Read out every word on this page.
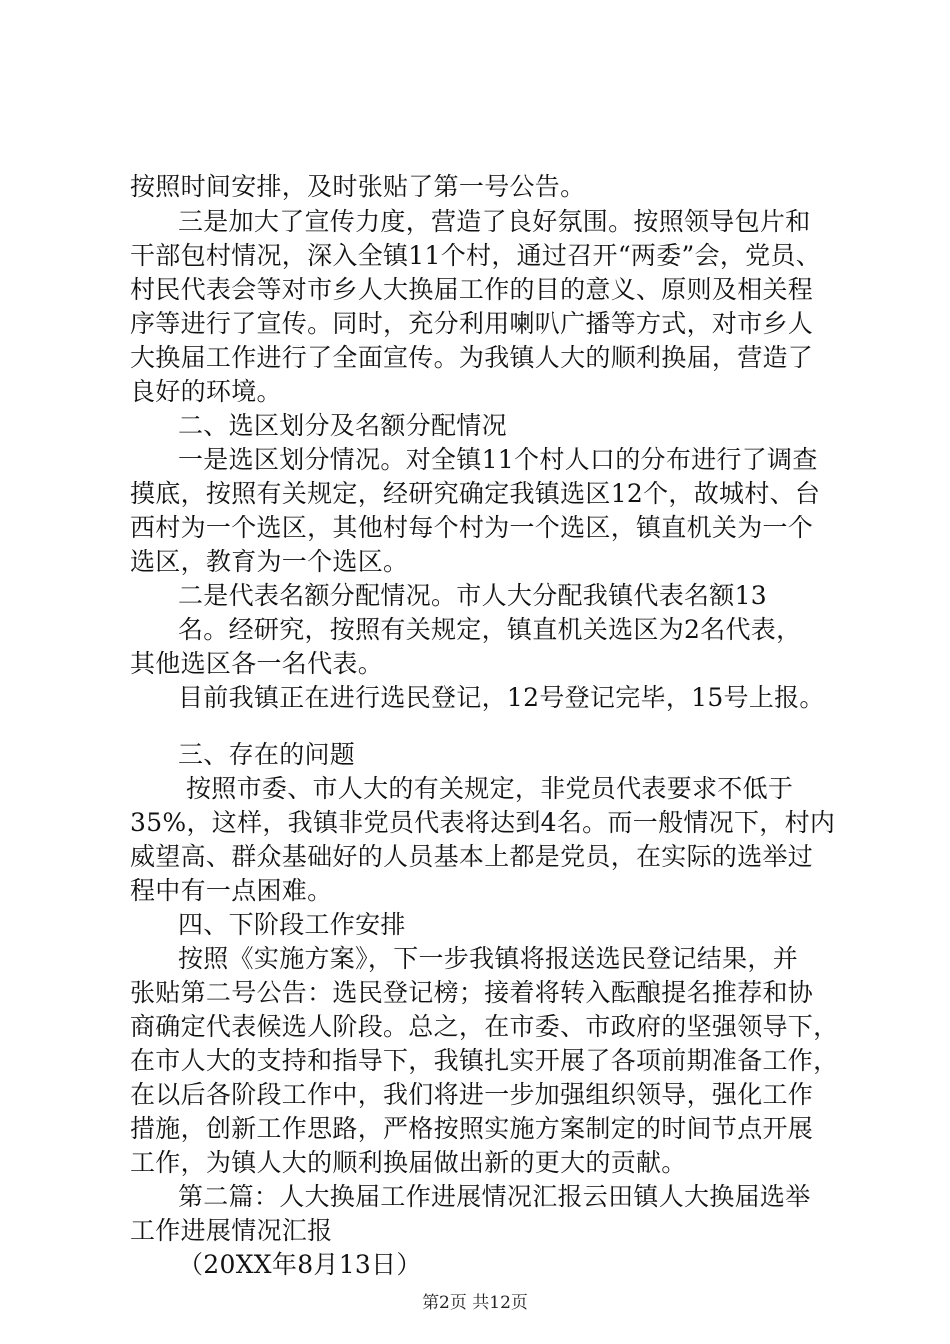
按照时间安排，及时张贴了第一号公告。
三是加大了宣传力度，营造了良好氛围。按照领导包片和
干部包村情况，深入全镇11个村，通过召开“两委”会，党员、
村民代表会等对市乡人大换届工作的目的意义、原则及相关程
序等进行了宣传。同时，充分利用喇叭广播等方式，对市乡人
大换届工作进行了全面宣传。为我镇人大的顺利换届，营造了
良好的环境。
二、选区划分及名额分配情况
一是选区划分情况。对全镇11个村人口的分布进行了调查
摸底，按照有关规定，经研究确定我镇选区12个，故城村、台
西村为一个选区，其他村每个村为一个选区，镇直机关为一个
选区，教育为一个选区。
二是代表名额分配情况。市人大分配我镇代表名额13
名。经研究，按照有关规定，镇直机关选区为2名代表，
其他选区各一名代表。
目前我镇正在进行选民登记，12号登记完毕，15号上报。
三、存在的问题
按照市委、市人大的有关规定，非党员代表要求不低于
35%，这样，我镇非党员代表将达到4名。而一般情况下，村内
威望高、群众基础好的人员基本上都是党员，在实际的选举过
程中有一点困难。
四、下阶段工作安排
按照《实施方案》，下一步我镇将报送选民登记结果，并
张贴第二号公告：选民登记榜；接着将转入酝酿提名推荐和协
商确定代表候选人阶段。总之，在市委、市政府的坚强领导下，
在市人大的支持和指导下，我镇扎实开展了各项前期准备工作，
在以后各阶段工作中，我们将进一步加强组织领导，强化工作
措施，创新工作思路，严格按照实施方案制定的时间节点开展
工作，为镇人大的顺利换届做出新的更大的贡献。
第二篇：人大换届工作进展情况汇报云田镇人大换届选举
工作进展情况汇报
（20XX年8月13日）
第2页 共12页
